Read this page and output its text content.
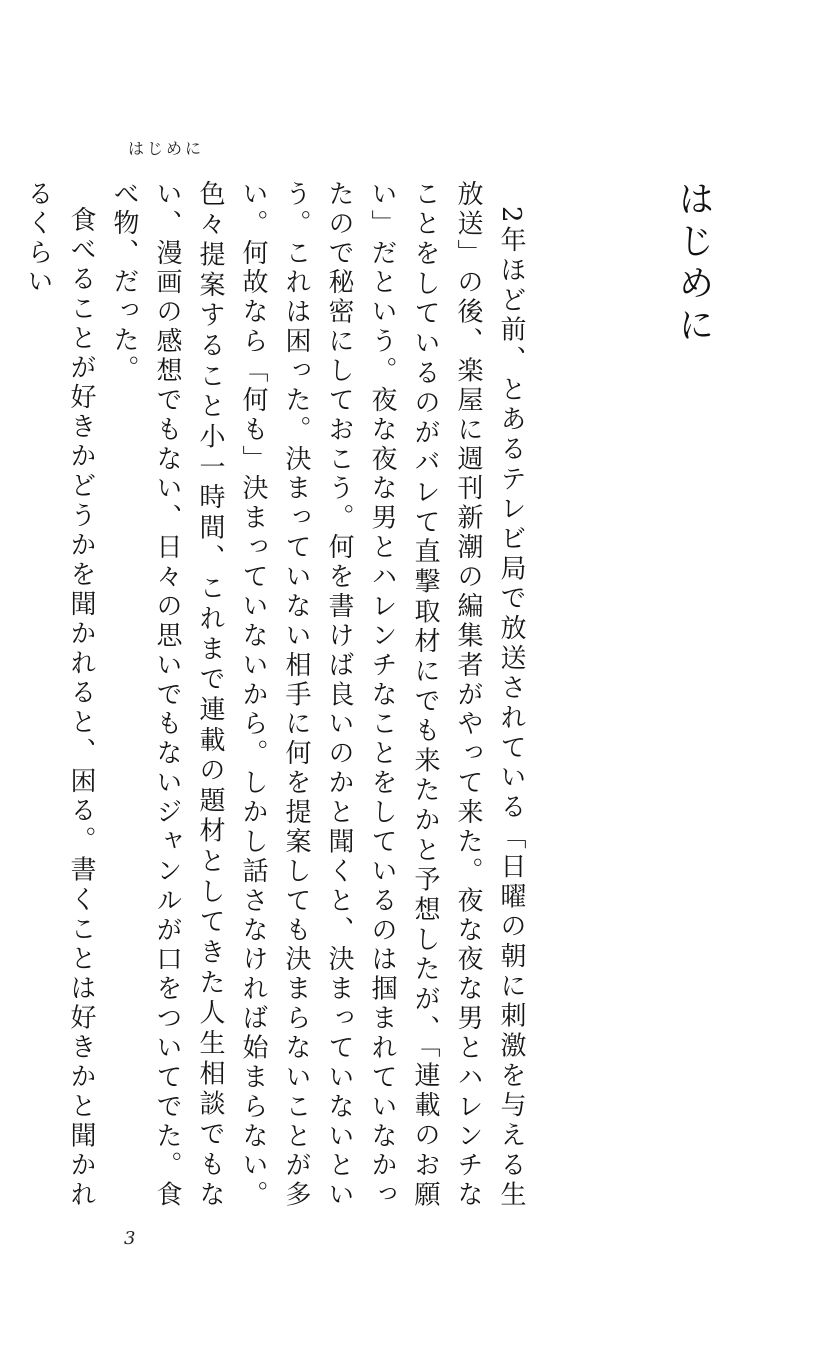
はじめに
はじめに

2年ほど前、とあるテレビ局で放送されている「日曜の朝に刺激を与える生放送」の後、楽屋に週刊新潮の編集者がやって来た。夜な夜な男とハレンチなことをしているのがバレて直撃取材にでも来たかと予想したが、「連載のお願い」だという。夜な夜な男とハレンチなことをしているのは掴まれていなかったので秘密にしておこう。何を書けば良いのかと聞くと、決まっていないという。これは困った。決まっていない相手に何を提案しても決まらないことが多い。何故なら「何も」決まっていないから。しかし話さなければ始まらない。色々提案すること小一時間、これまで連載の題材としてきた人生相談でもない、漫画の感想でもない、日々の思いでもないジャンルが口をついてでた。食べ物、だった。

食べることが好きかどうかを聞かれると、困る。書くことは好きかと聞かれるくらい

3
